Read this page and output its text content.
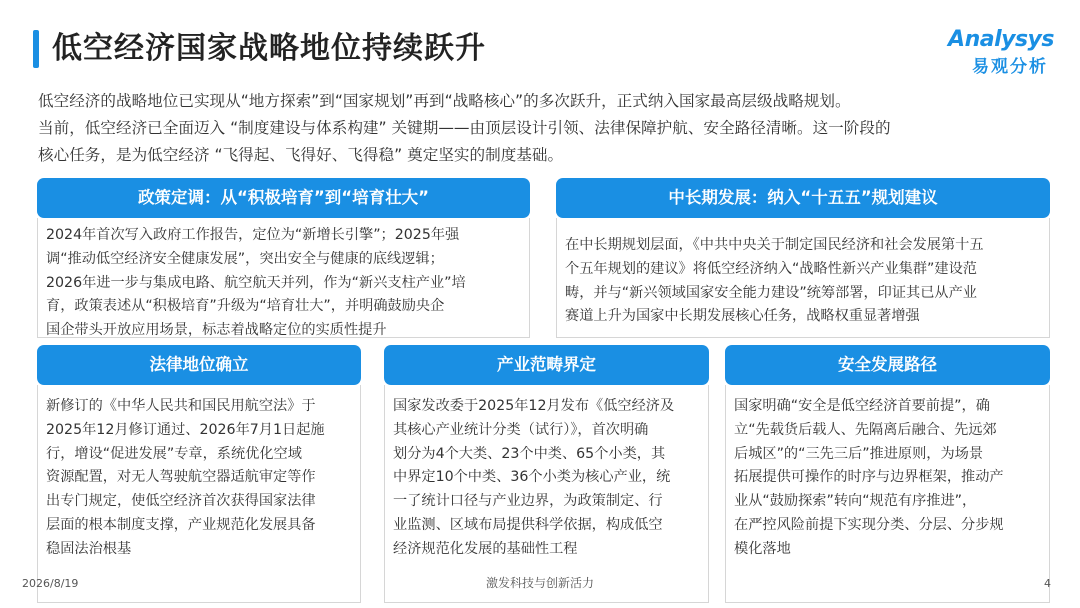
低空经济国家战略地位持续跃升	Analysys
易观分析

低空经济的战略地位已实现从“地方探索”到“国家规划”再到“战略核心”的多次跃升，正式纳入国家最高层级战略规划。

当前，低空经济已全面迈入 “制度建设与体系构建” 关键期——由顶层设计引领、法律保障护航、安全路径清晰。这一阶段的

核心任务，是为低空经济 “飞得起、飞得好、飞得稳” 奠定坚实的制度基础。

政策定调：从“积极培育”到“培育壮大”

2024年首次写入政府工作报告，定位为“新增长引擎”；2025年强

调“推动低空经济安全健康发展”，突出安全与健康的底线逻辑；

2026年进一步与集成电路、航空航天并列，作为“新兴支柱产业”培

育，政策表述从“积极培育”升级为“培育壮大”，并明确鼓励央企

国企带头开放应用场景，标志着战略定位的实质性提升

中长期发展：纳入“十五五”规划建议

在中长期规划层面，《中共中央关于制定国民经济和社会发展第十五

个五年规划的建议》将低空经济纳入“战略性新兴产业集群”建设范

畴，并与“新兴领域国家安全能力建设”统筹部署，印证其已从产业

赛道上升为国家中长期发展核心任务，战略权重显著增强

法律地位确立

新修订的《中华人民共和国民用航空法》于

2025年12月修订通过、2026年7月1日起施

行，增设“促进发展”专章，系统优化空域

资源配置，对无人驾驶航空器适航审定等作

出专门规定，使低空经济首次获得国家法律

层面的根本制度支撑，产业规范化发展具备

稳固法治根基

产业范畴界定

国家发改委于2025年12月发布《低空经济及

其核心产业统计分类（试行）》，首次明确

划分为4个大类、23个中类、65个小类，其

中界定10个中类、36个小类为核心产业，统

一了统计口径与产业边界，为政策制定、行

业监测、区域布局提供科学依据，构成低空

经济规范化发展的基础性工程

安全发展路径

国家明确“安全是低空经济首要前提”，确

立“先载货后载人、先隔离后融合、先远郊

后城区”的“三先三后”推进原则，为场景

拓展提供可操作的时序与边界框架，推动产

业从“鼓励探索”转向“规范有序推进”，

在严控风险前提下实现分类、分层、分步规

模化落地

激发科技与创新活力
2026/8/19	4
